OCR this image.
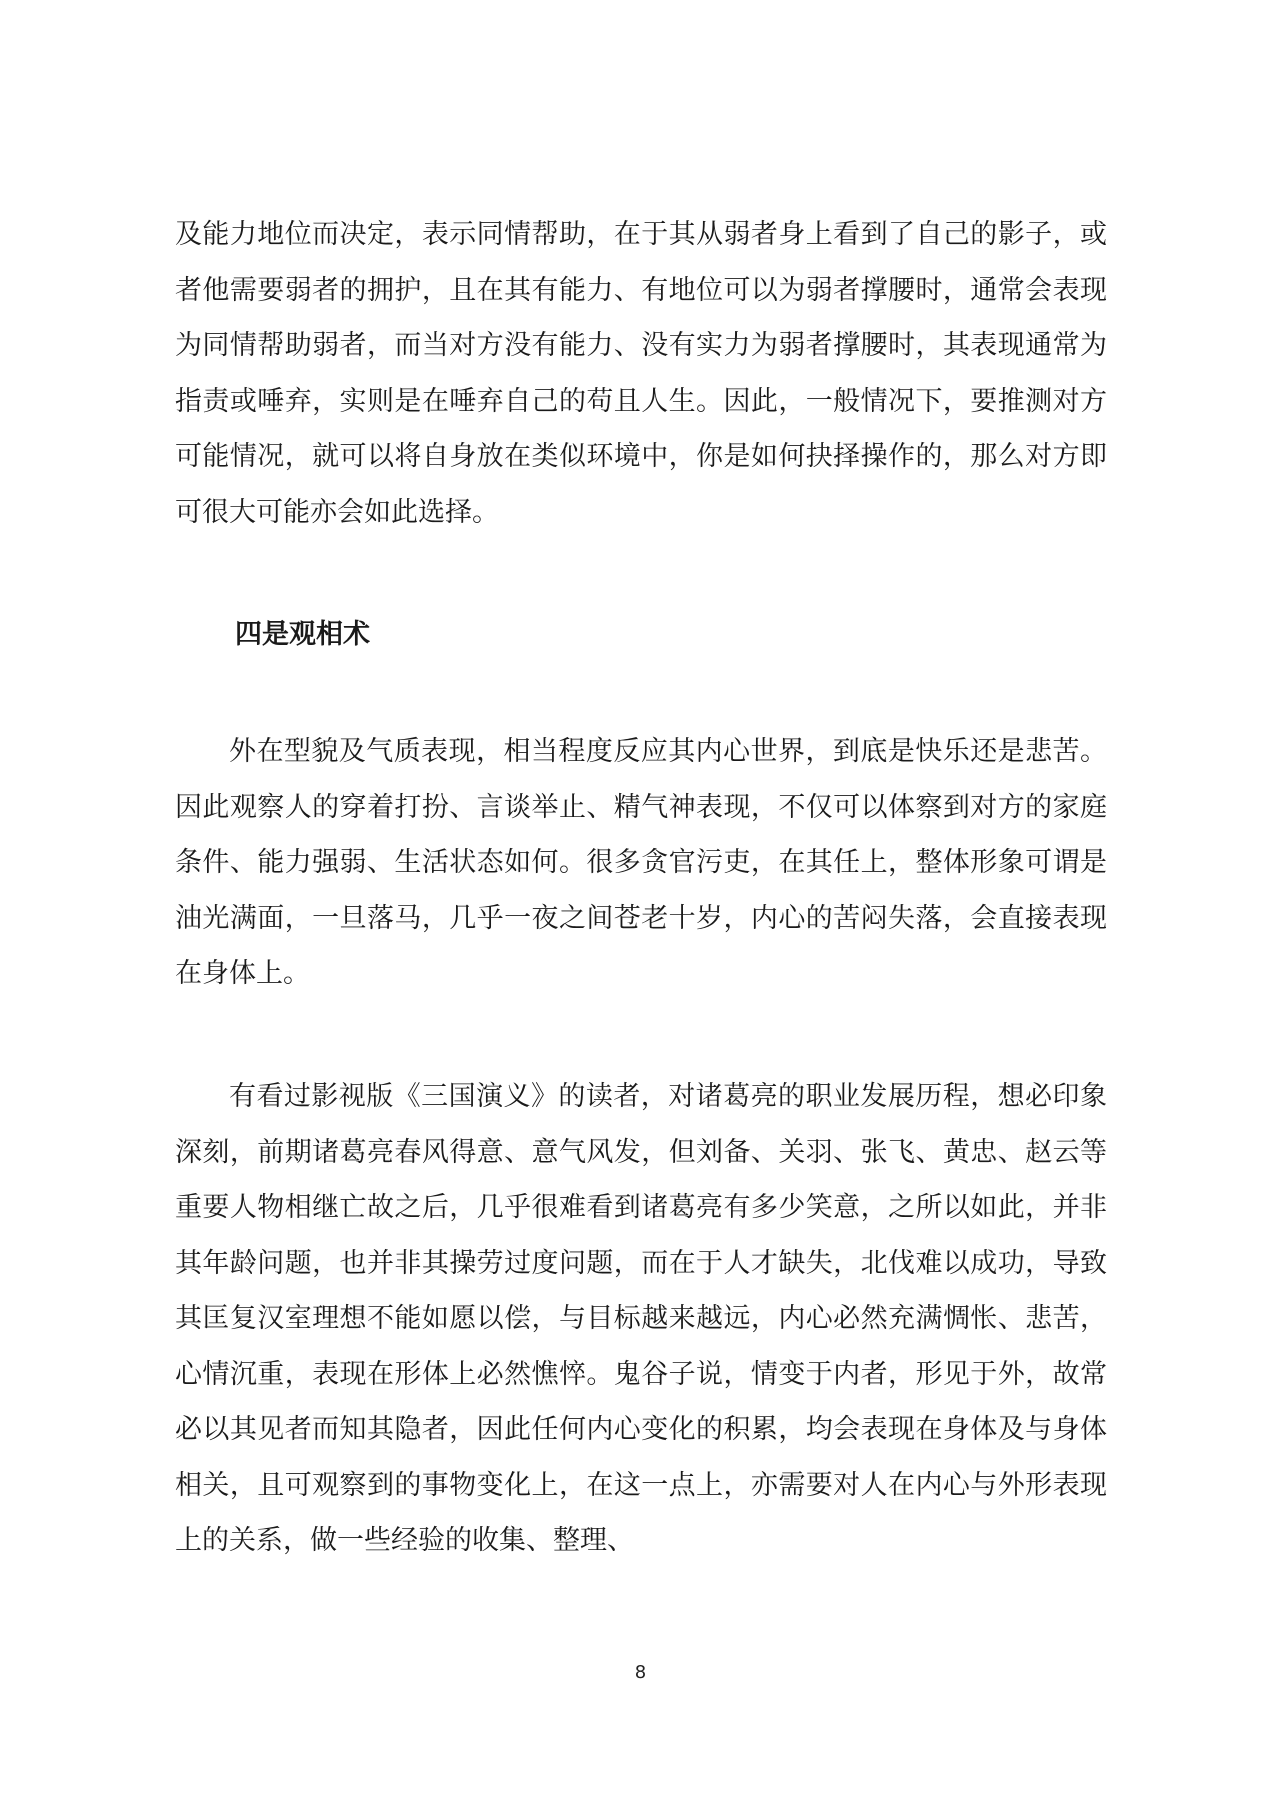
及能力地位而决定，表示同情帮助，在于其从弱者身上看到了自己的影子，或者他需要弱者的拥护，且在其有能力、有地位可以为弱者撑腰时，通常会表现为同情帮助弱者，而当对方没有能力、没有实力为弱者撑腰时，其表现通常为指责或唾弃，实则是在唾弃自己的苟且人生。因此，一般情况下，要推测对方可能情况，就可以将自身放在类似环境中，你是如何抉择操作的，那么对方即可很大可能亦会如此选择。

四是观相术

外在型貌及气质表现，相当程度反应其内心世界，到底是快乐还是悲苦。因此观察人的穿着打扮、言谈举止、精气神表现，不仅可以体察到对方的家庭条件、能力强弱、生活状态如何。很多贪官污吏，在其任上，整体形象可谓是油光满面，一旦落马，几乎一夜之间苍老十岁，内心的苦闷失落，会直接表现在身体上。

有看过影视版《三国演义》的读者，对诸葛亮的职业发展历程，想必印象深刻，前期诸葛亮春风得意、意气风发，但刘备、关羽、张飞、黄忠、赵云等重要人物相继亡故之后，几乎很难看到诸葛亮有多少笑意，之所以如此，并非其年龄问题，也并非其操劳过度问题，而在于人才缺失，北伐难以成功，导致其匡复汉室理想不能如愿以偿，与目标越来越远，内心必然充满惆怅、悲苦，心情沉重，表现在形体上必然憔悴。鬼谷子说，情变于内者，形见于外，故常必以其见者而知其隐者，因此任何内心变化的积累，均会表现在身体及与身体相关，且可观察到的事物变化上，在这一点上，亦需要对人在内心与外形表现上的关系，做一些经验的收集、整理、

8
